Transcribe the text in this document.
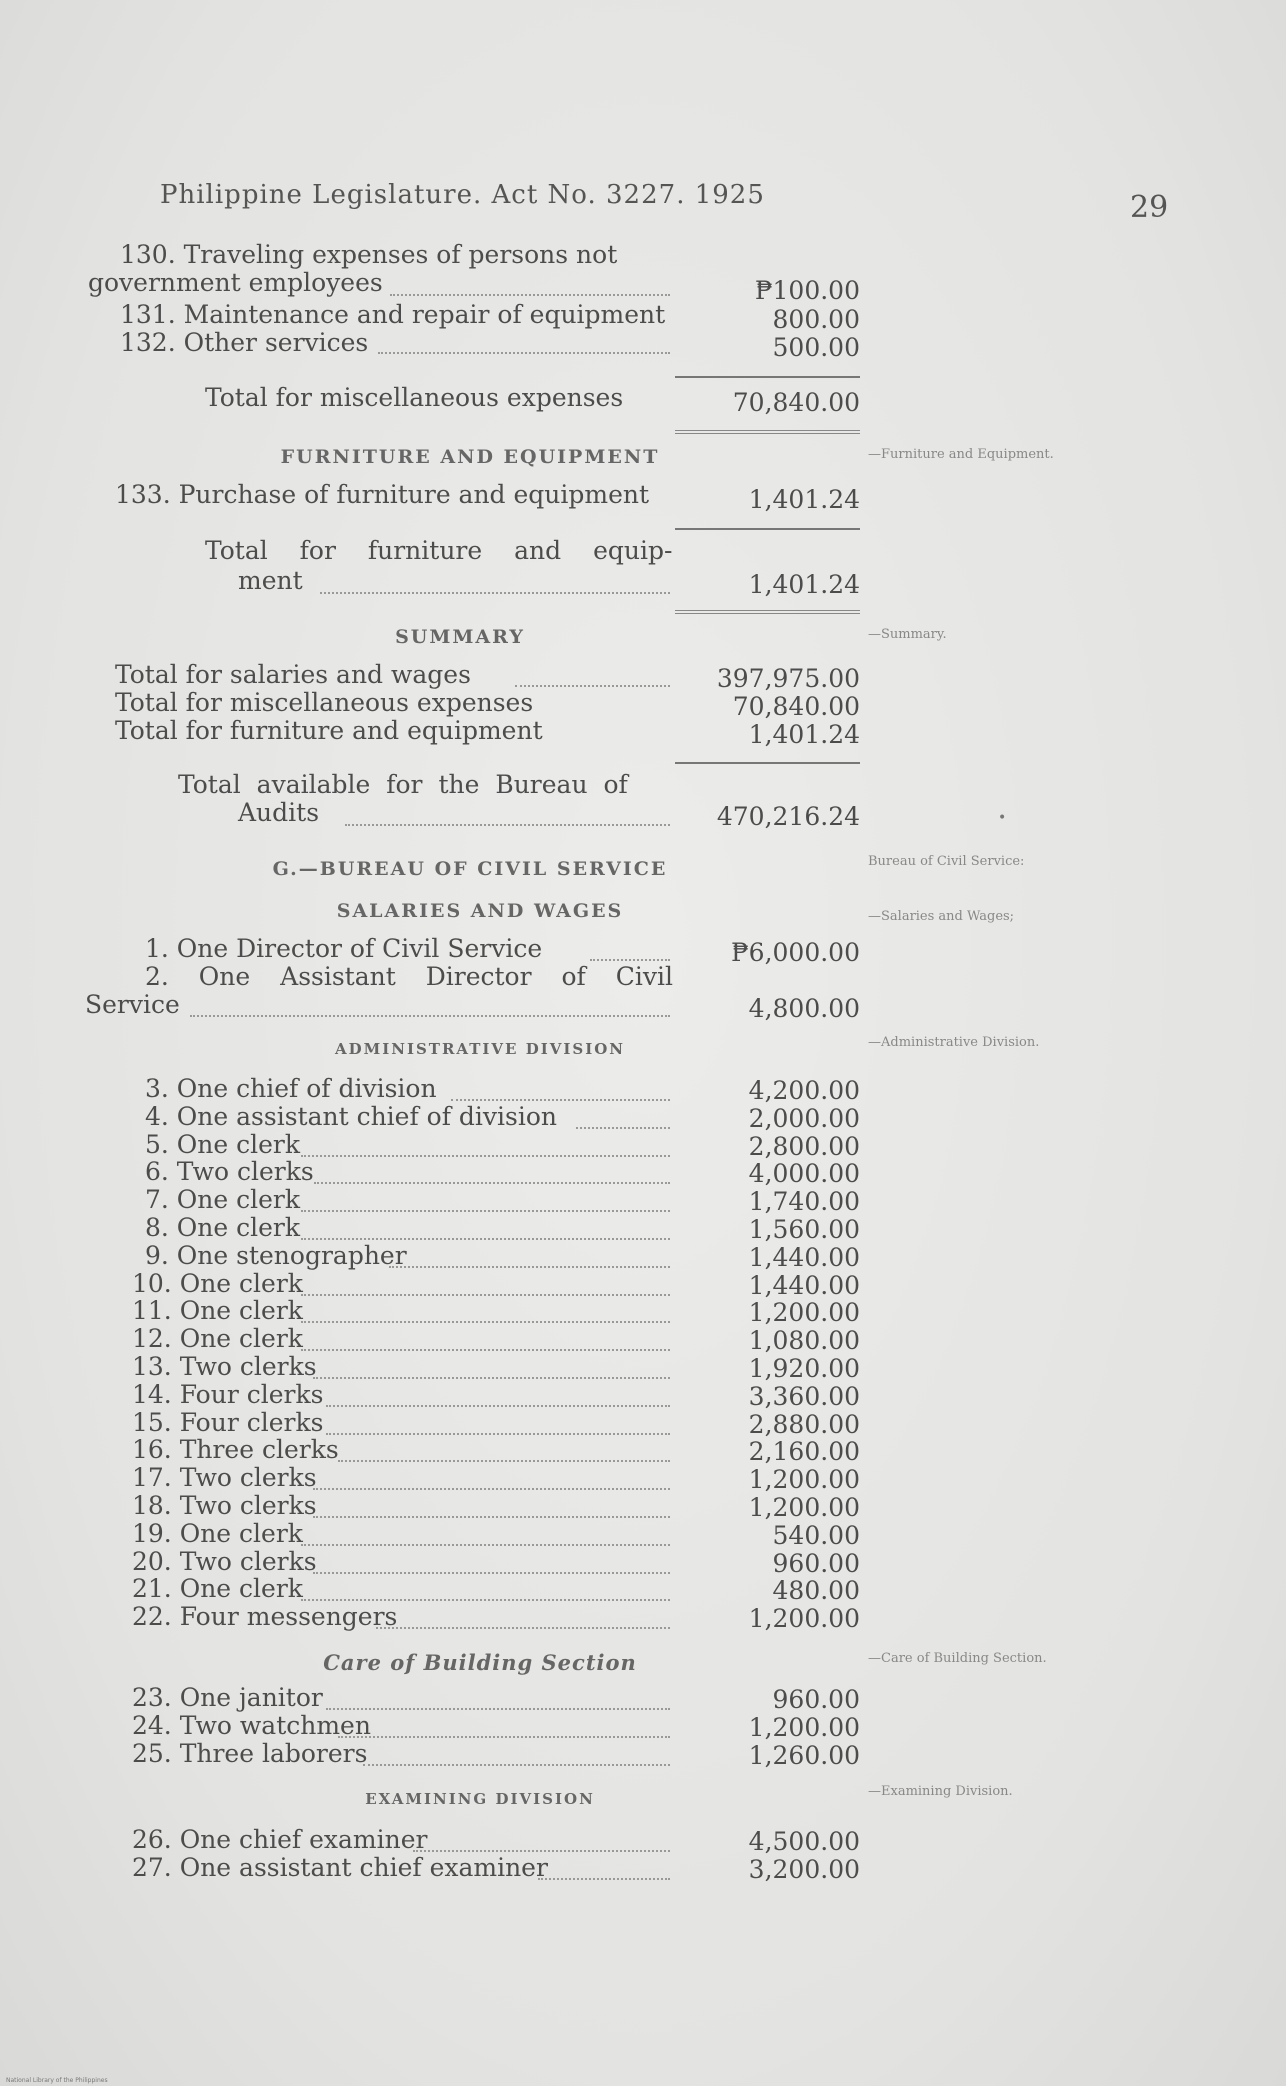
Philippine Legislature. Act No. 3227. 1925	29
130. Traveling expenses of persons not
government employees	₱100.00
131. Maintenance and repair of equipment	800.00
132. Other services	500.00
Total for miscellaneous expenses	70,840.00
FURNITURE AND EQUIPMENT	—Furniture and Equipment.
133. Purchase of furniture and equipment	1,401.24
Total for furniture and equip-
ment	1,401.24
SUMMARY	—Summary.
Total for salaries and wages	397,975.00
Total for miscellaneous expenses	70,840.00
Total for furniture and equipment	1,401.24
Total available for the Bureau of
Audits	470,216.24	•
G.—BUREAU OF CIVIL SERVICE	Bureau of Civil Service:
SALARIES AND WAGES	—Salaries and Wages;
1. One Director of Civil Service	₱6,000.00
2. One Assistant Director of Civil
Service	4,800.00
ADMINISTRATIVE DIVISION	—Administrative Division.
Care of Building Section	—Care of Building Section.
EXAMINING DIVISION	—Examining Division.
National Library of the Philippines
3. One chief of division	4,200.00
4. One assistant chief of division	2,000.00
5. One clerk	2,800.00
6. Two clerks	4,000.00
7. One clerk	1,740.00
8. One clerk	1,560.00
9. One stenographer	1,440.00
10. One clerk	1,440.00
11. One clerk	1,200.00
12. One clerk	1,080.00
13. Two clerks	1,920.00
14. Four clerks	3,360.00
15. Four clerks	2,880.00
16. Three clerks	2,160.00
17. Two clerks	1,200.00
18. Two clerks	1,200.00
19. One clerk	540.00
20. Two clerks	960.00
21. One clerk	480.00
22. Four messengers	1,200.00
23. One janitor	960.00
24. Two watchmen	1,200.00
25. Three laborers	1,260.00
26. One chief examiner	4,500.00
27. One assistant chief examiner	3,200.00
